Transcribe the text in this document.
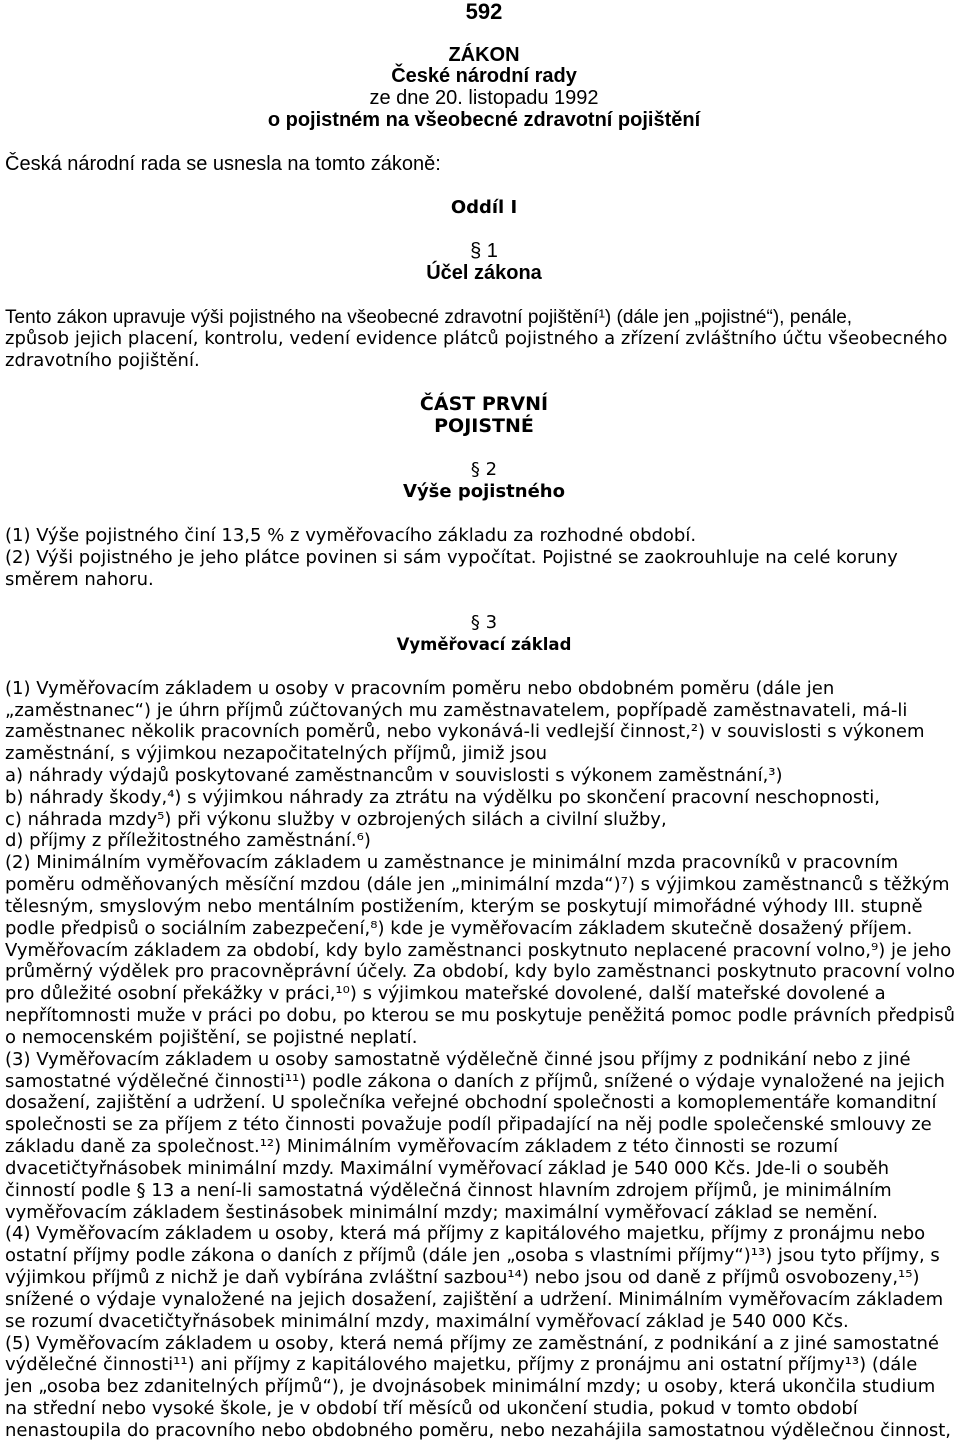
592
ZÁKON
České národní rady
ze dne 20. listopadu 1992
o pojistném na všeobecné zdravotní pojištění
Česká národní rada se usnesla na tomto zákoně:
Oddíl I
§ 1
Účel zákona
Tento zákon upravuje výši pojistného na všeobecné zdravotní pojištění¹) (dále jen „pojistné“), penále,
způsob jejich placení, kontrolu, vedení evidence plátců pojistného a zřízení zvláštního účtu všeobecného
zdravotního pojištění.
ČÁST PRVNÍ
POJISTNÉ
§ 2
Výše pojistného
(1) Výše pojistného činí 13,5 % z vyměřovacího základu za rozhodné období.
(2) Výši pojistného je jeho plátce povinen si sám vypočítat. Pojistné se zaokrouhluje na celé koruny
směrem nahoru.
§ 3
Vyměřovací základ
(1) Vyměřovacím základem u osoby v pracovním poměru nebo obdobném poměru (dále jen
„zaměstnanec“) je úhrn příjmů zúčtovaných mu zaměstnavatelem, popřípadě zaměstnavateli, má-li
zaměstnanec několik pracovních poměrů, nebo vykonává-li vedlejší činnost,²) v souvislosti s výkonem
zaměstnání, s výjimkou nezapočitatelných příjmů, jimiž jsou
a) náhrady výdajů poskytované zaměstnancům v souvislosti s výkonem zaměstnání,³)
b) náhrady škody,⁴) s výjimkou náhrady za ztrátu na výdělku po skončení pracovní neschopnosti,
c) náhrada mzdy⁵) při výkonu služby v ozbrojených silách a civilní služby,
d) příjmy z příležitostného zaměstnání.⁶)
(2) Minimálním vyměřovacím základem u zaměstnance je minimální mzda pracovníků v pracovním
poměru odměňovaných měsíční mzdou (dále jen „minimální mzda“)⁷) s výjimkou zaměstnanců s těžkým
tělesným, smyslovým nebo mentálním postižením, kterým se poskytují mimořádné výhody III. stupně
podle předpisů o sociálním zabezpečení,⁸) kde je vyměřovacím základem skutečně dosažený příjem.
Vyměřovacím základem za období, kdy bylo zaměstnanci poskytnuto neplacené pracovní volno,⁹) je jeho
průměrný výdělek pro pracovněprávní účely. Za období, kdy bylo zaměstnanci poskytnuto pracovní volno
pro důležité osobní překážky v práci,¹⁰) s výjimkou mateřské dovolené, další mateřské dovolené a
nepřítomnosti muže v práci po dobu, po kterou se mu poskytuje peněžitá pomoc podle právních předpisů
o nemocenském pojištění, se pojistné neplatí.
(3) Vyměřovacím základem u osoby samostatně výdělečně činné jsou příjmy z podnikání nebo z jiné
samostatné výdělečné činnosti¹¹) podle zákona o daních z příjmů, snížené o výdaje vynaložené na jejich
dosažení, zajištění a udržení. U společníka veřejné obchodní společnosti a komoplementáře komanditní
společnosti se za příjem z této činnosti považuje podíl připadající na něj podle společenské smlouvy ze
základu daně za společnost.¹²) Minimálním vyměřovacím základem z této činnosti se rozumí
dvacetičtyřnásobek minimální mzdy. Maximální vyměřovací základ je 540 000 Kčs. Jde-li o souběh
činností podle § 13 a není-li samostatná výdělečná činnost hlavním zdrojem příjmů, je minimálním
vyměřovacím základem šestinásobek minimální mzdy; maximální vyměřovací základ se nemění.
(4) Vyměřovacím základem u osoby, která má příjmy z kapitálového majetku, příjmy z pronájmu nebo
ostatní příjmy podle zákona o daních z příjmů (dále jen „osoba s vlastními příjmy“)¹³) jsou tyto příjmy, s
výjimkou příjmů z nichž je daň vybírána zvláštní sazbou¹⁴) nebo jsou od daně z příjmů osvobozeny,¹⁵)
snížené o výdaje vynaložené na jejich dosažení, zajištění a udržení. Minimálním vyměřovacím základem
se rozumí dvacetičtyřnásobek minimální mzdy, maximální vyměřovací základ je 540 000 Kčs.
(5) Vyměřovacím základem u osoby, která nemá příjmy ze zaměstnání, z podnikání a z jiné samostatné
výdělečné činnosti¹¹) ani příjmy z kapitálového majetku, příjmy z pronájmu ani ostatní příjmy¹³) (dále
jen „osoba bez zdanitelných příjmů“), je dvojnásobek minimální mzdy; u osoby, která ukončila studium
na střední nebo vysoké škole, je v období tří měsíců od ukončení studia, pokud v tomto období
nenastoupila do pracovního nebo obdobného poměru, nebo nezahájila samostatnou výdělečnou činnost,
